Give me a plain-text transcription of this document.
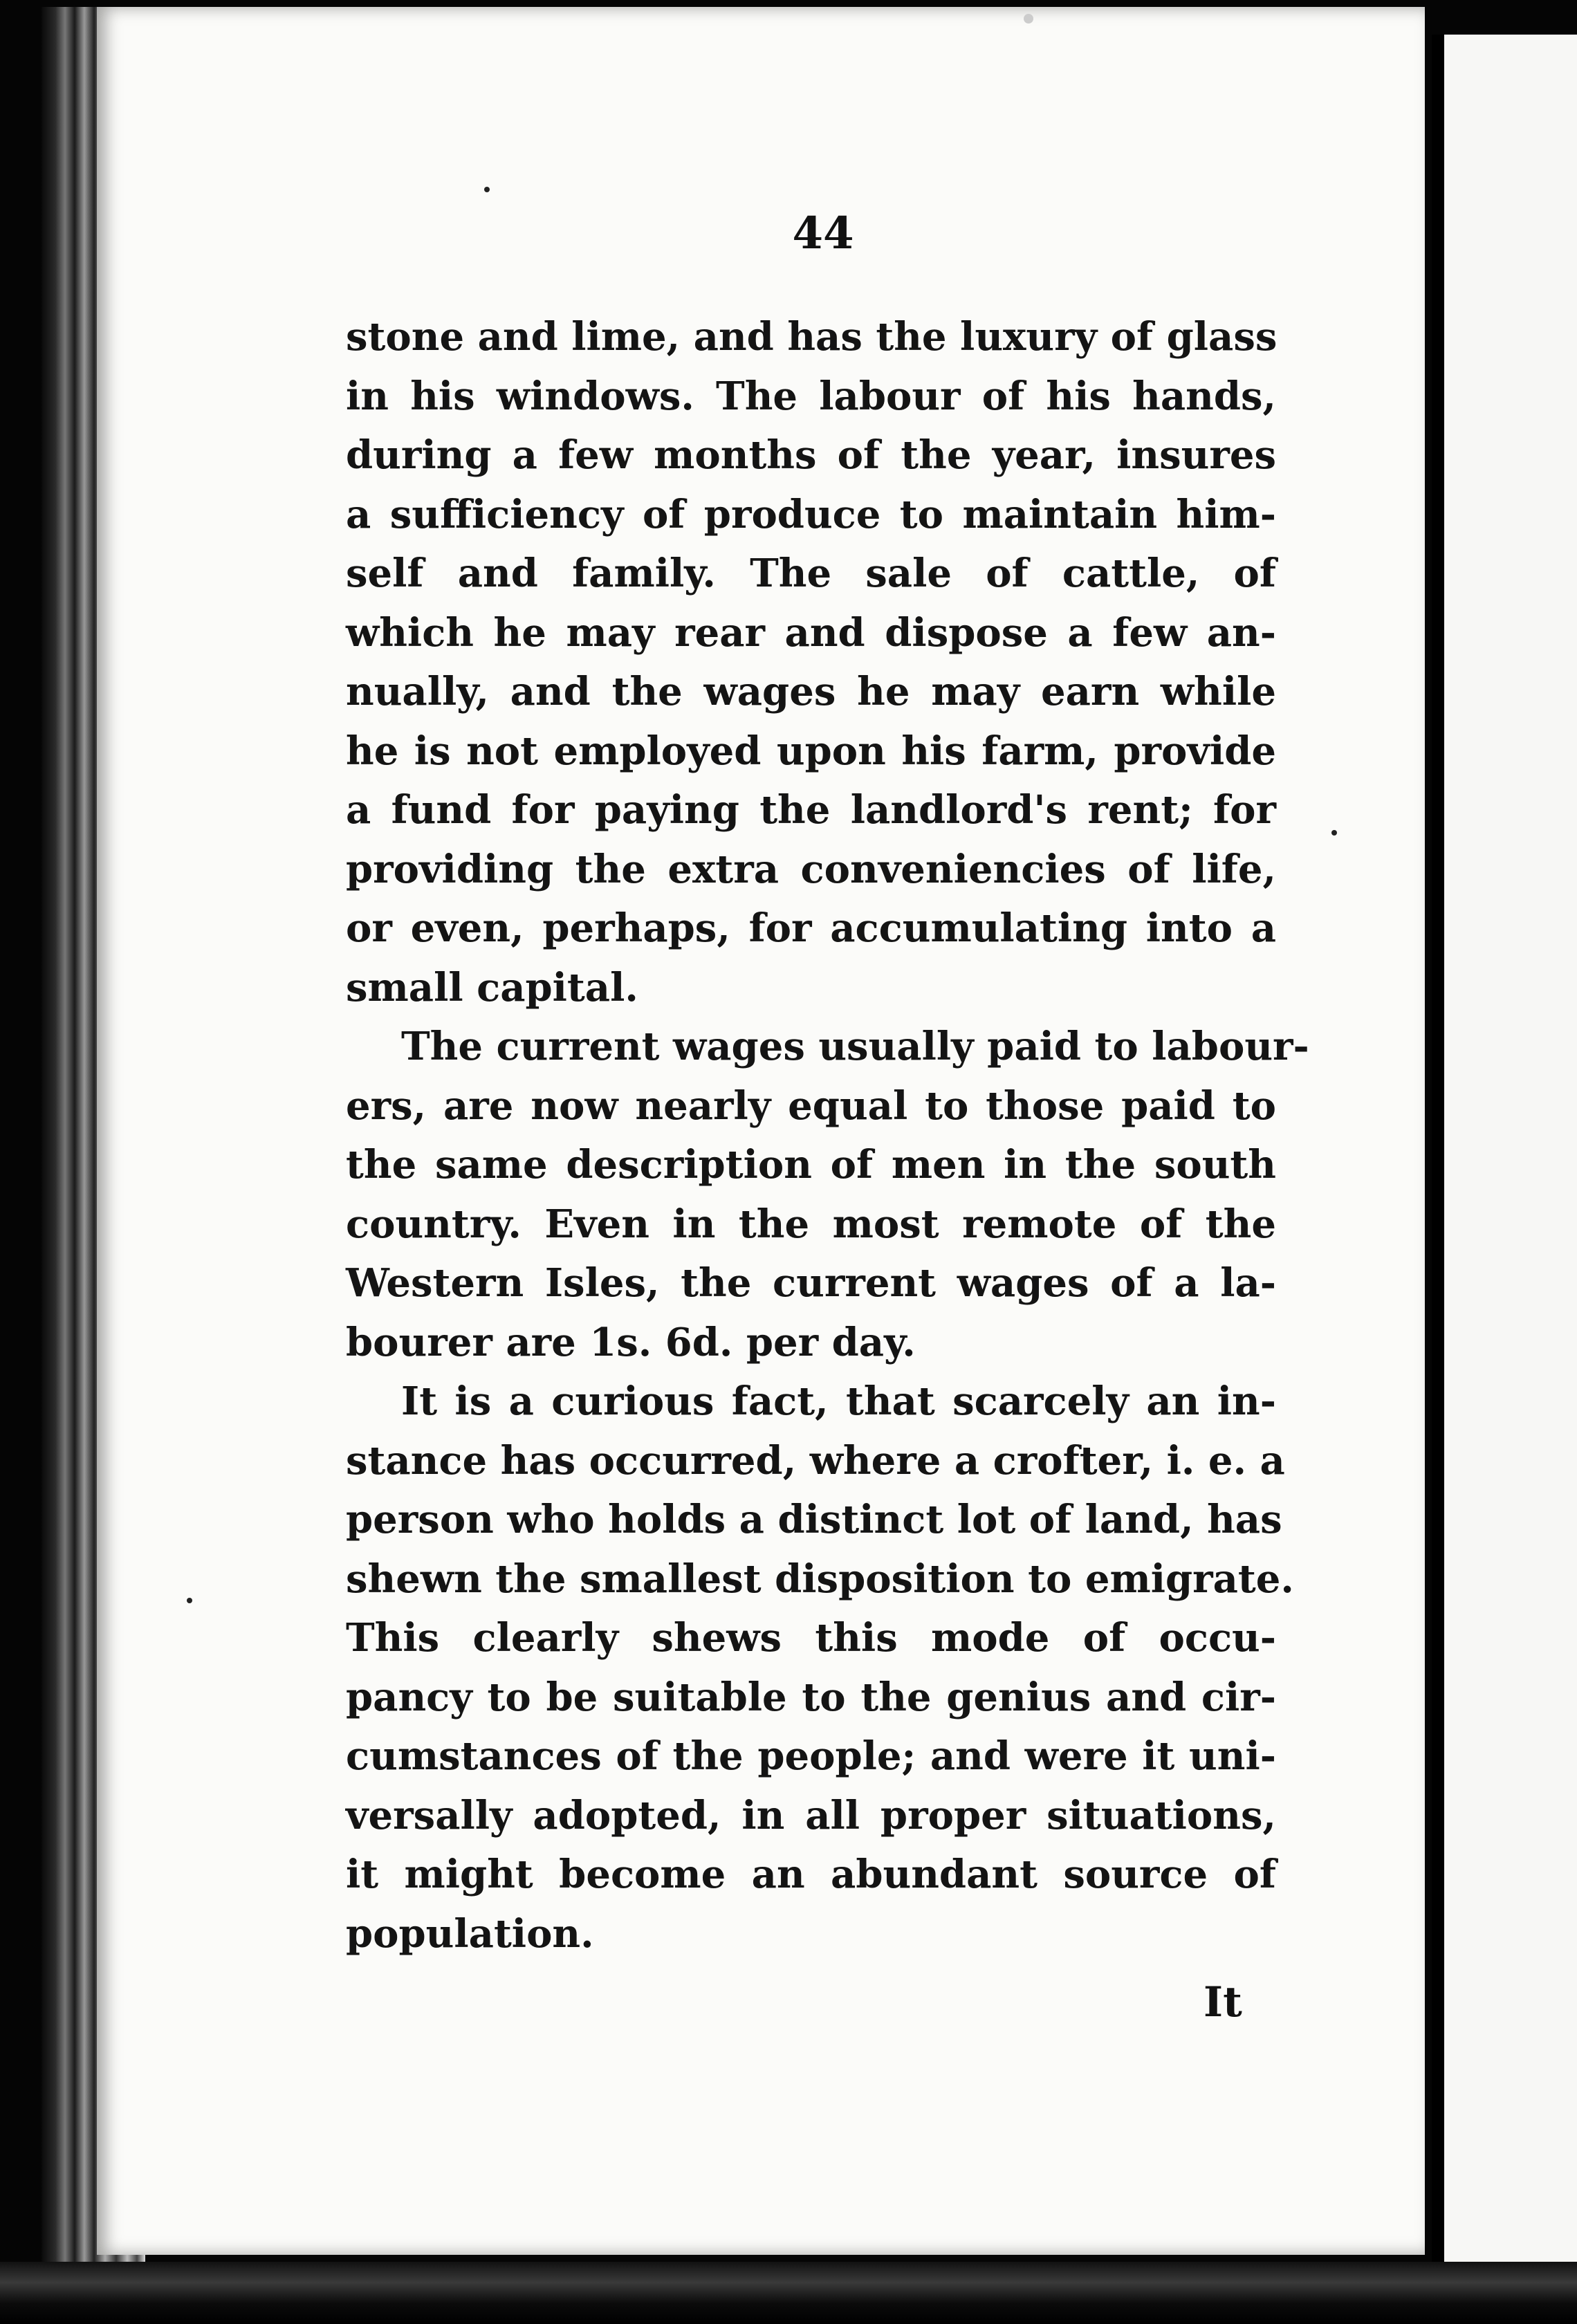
44
stone and lime, and has the luxury of glass
in his windows. The labour of his hands,
during a few months of the year, insures
a sufficiency of produce to maintain him-
self and family. The sale of cattle, of
which he may rear and dispose a few an-
nually, and the wages he may earn while
he is not employed upon his farm, provide
a fund for paying the landlord's rent; for
providing the extra conveniencies of life,
or even, perhaps, for accumulating into a
small capital.
The current wages usually paid to labour-
ers, are now nearly equal to those paid to
the same description of men in the south
country. Even in the most remote of the
Western Isles, the current wages of a la-
bourer are 1s. 6d. per day.
It is a curious fact, that scarcely an in-
stance has occurred, where a crofter, i. e. a
person who holds a distinct lot of land, has
shewn the smallest disposition to emigrate.
This clearly shews this mode of occu-
pancy to be suitable to the genius and cir-
cumstances of the people; and were it uni-
versally adopted, in all proper situations,
it might become an abundant source of
population.
It
